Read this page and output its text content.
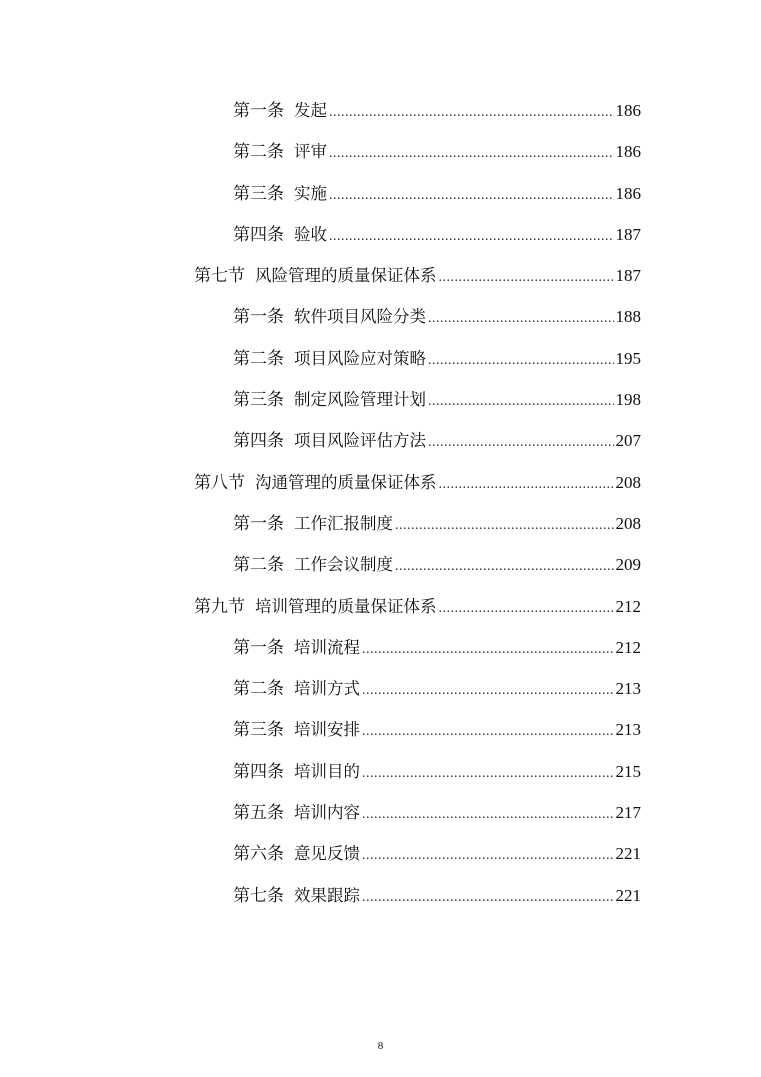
第一条 发起 .....	186
第二条 评审 .....	186
第三条 实施 .....	186
第四条 验收 .....	187
第七节 风险管理的质量保证体系 .....	187
第一条 软件项目风险分类 .....	188
第二条 项目风险应对策略 .....	195
第三条 制定风险管理计划 .....	198
第四条 项目风险评估方法 .....	207
第八节 沟通管理的质量保证体系 .....	208
第一条 工作汇报制度 .....	208
第二条 工作会议制度 .....	209
第九节 培训管理的质量保证体系 .....	212
第一条 培训流程 .....	212
第二条 培训方式 .....	213
第三条 培训安排 .....	213
第四条 培训目的 .....	215
第五条 培训内容 .....	217
第六条 意见反馈 .....	221
第七条 效果跟踪 .....	221
8
